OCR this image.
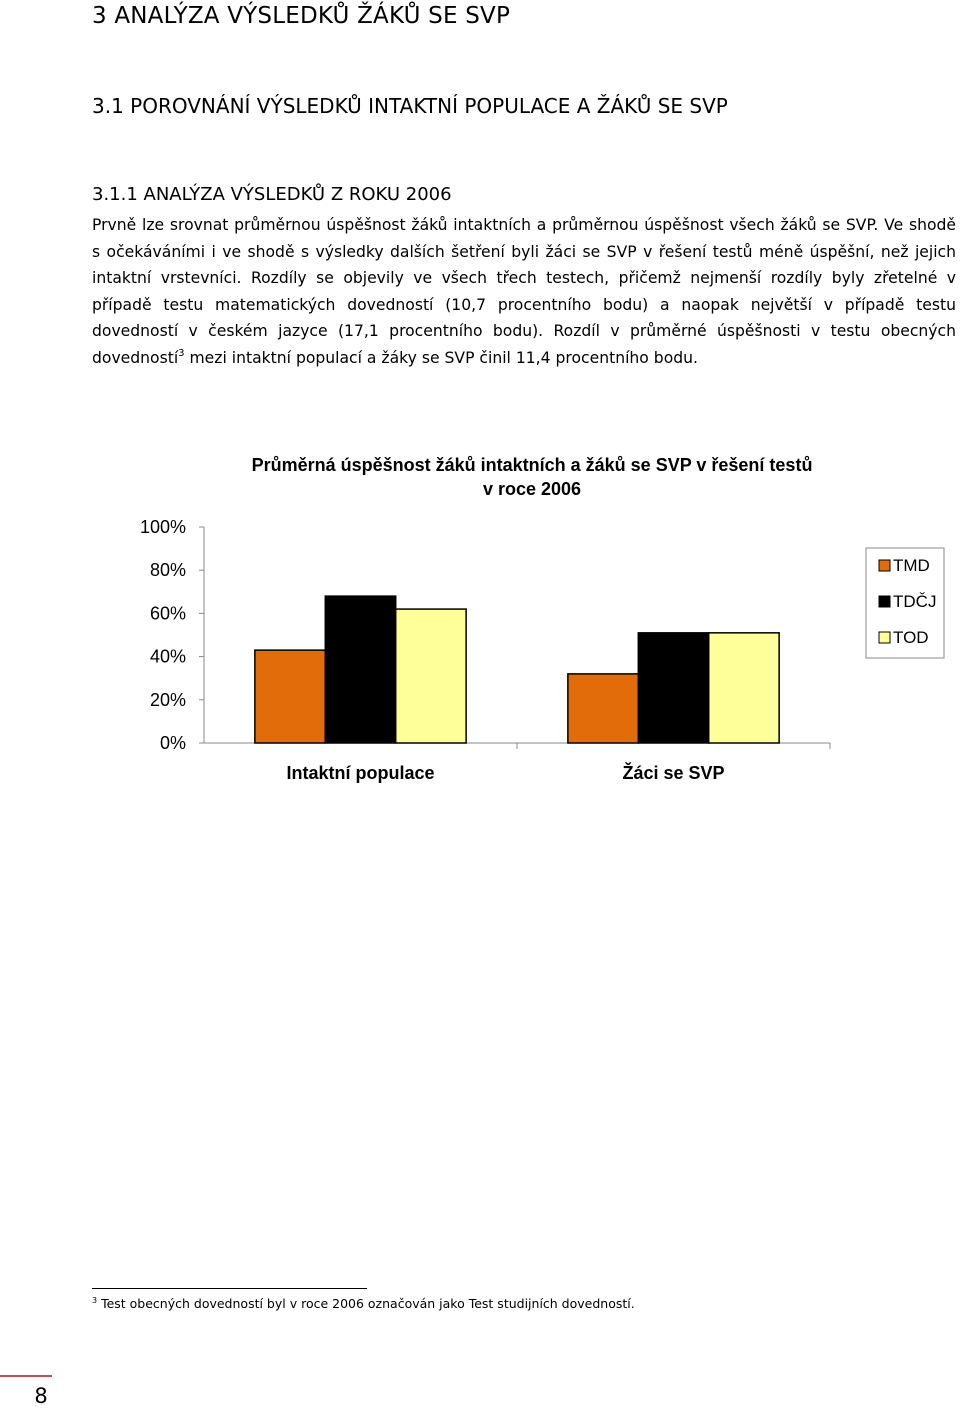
3 ANALÝZA VÝSLEDKŮ ŽÁKŮ SE SVP
3.1 POROVNÁNÍ VÝSLEDKŮ INTAKTNÍ POPULACE A ŽÁKŮ SE SVP
3.1.1 ANALÝZA VÝSLEDKŮ Z ROKU 2006

Prvně lze srovnat průměrnou úspěšnost žáků intaktních a průměrnou úspěšnost všech žáků se SVP. Ve shodě s očekáváními i ve shodě s výsledky dalších šetření byli žáci se SVP v řešení testů méně úspěšní, než jejich intaktní vrstevníci. Rozdíly se objevily ve všech třech testech, přičemž nejmenší rozdíly byly zřetelné v případě testu matematických dovedností (10,7 procentního bodu) a naopak největší v případě testu dovedností v českém jazyce (17,1 procentního bodu). Rozdíl v průměrné úspěšnosti v testu obecných dovedností$^3$ mezi intaktní populací a žáky se SVP činil 11,4 procentního bodu.

Průměrná úspěšnost žáků intaktních a žáků se SVP v řešení testů
v roce 2006
0%
20%
40%
60%
80%
100%
Intaktní populace	Žáci se SVP
TMD
TDČJ
TOD

$^3$ Test obecných dovedností byl v roce 2006 označován jako Test studijních dovedností.

8
